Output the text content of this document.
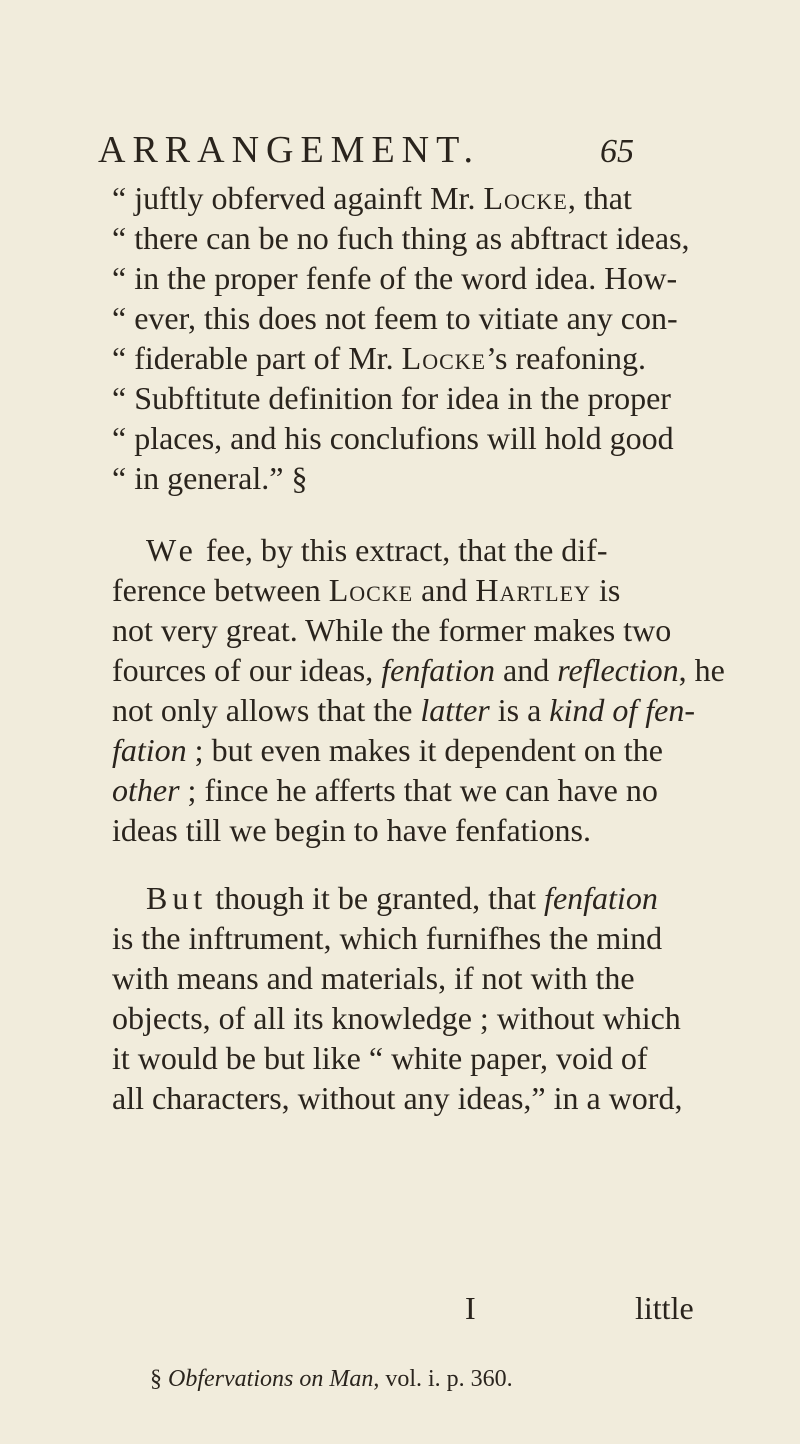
ARRANGEMENT.	65
“ juftly obferved againft Mr. Locke, that
“ there can be no fuch thing as abftract ideas,
“ in the proper fenfe of the word idea. How-
“ ever, this does not feem to vitiate any con-
“ fiderable part of Mr. Locke’s reafoning.
“ Subftitute definition for idea in the proper
“ places, and his conclufions will hold good
“ in general.” §
We fee, by this extract, that the dif-
ference between Locke and Hartley is
not very great. While the former makes two
fources of our ideas, fenfation and reflection, he
not only allows that the latter is a kind of fen-
fation ; but even makes it dependent on the
other ; fince he afferts that we can have no
ideas till we begin to have fenfations.
But though it be granted, that fenfation
is the inftrument, which furnifhes the mind
with means and materials, if not with the
objects, of all its knowledge ; without which
it would be but like “ white paper, void of
all characters, without any ideas,” in a word,
I	little
§ Obfervations on Man, vol. i. p. 360.
